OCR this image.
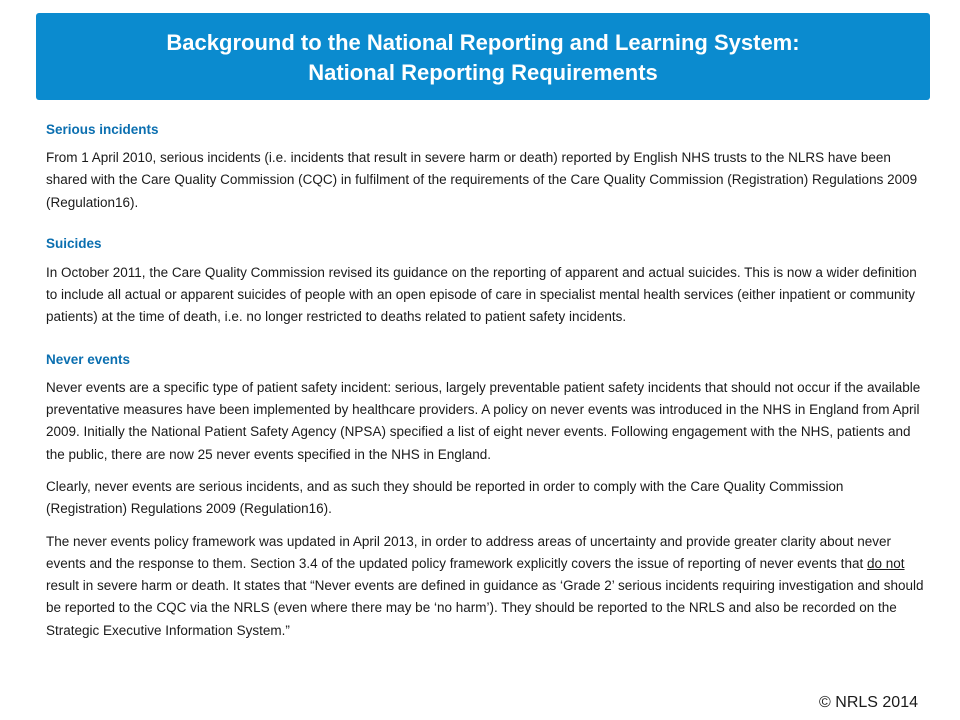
Background to the National Reporting and Learning System:
National Reporting Requirements

Serious incidents

From 1 April 2010, serious incidents (i.e. incidents that result in severe harm or death) reported by English NHS trusts to the NLRS have been shared with the Care Quality Commission (CQC) in fulfilment of the requirements of the Care Quality Commission (Registration) Regulations 2009 (Regulation16).

Suicides

In October 2011, the Care Quality Commission revised its guidance on the reporting of apparent and actual suicides. This is now a wider definition to include all actual or apparent suicides of people with an open episode of care in specialist mental health services (either inpatient or community patients) at the time of death, i.e. no longer restricted to deaths related to patient safety incidents.

Never events

Never events are a specific type of patient safety incident: serious, largely preventable patient safety incidents that should not occur if the available preventative measures have been implemented by healthcare providers. A policy on never events was introduced in the NHS in England from April 2009. Initially the National Patient Safety Agency (NPSA) specified a list of eight never events. Following engagement with the NHS, patients and the public, there are now 25 never events specified in the NHS in England.

Clearly, never events are serious incidents, and as such they should be reported in order to comply with the Care Quality Commission (Registration) Regulations 2009 (Regulation16).

The never events policy framework was updated in April 2013, in order to address areas of uncertainty and provide greater clarity about never events and the response to them. Section 3.4 of the updated policy framework explicitly covers the issue of reporting of never events that do not result in severe harm or death. It states that “Never events are defined in guidance as ‘Grade 2’ serious incidents requiring investigation and should be reported to the CQC via the NRLS (even where there may be ‘no harm’). They should be reported to the NRLS and also be recorded on the Strategic Executive Information System.”

© NRLS 2014
